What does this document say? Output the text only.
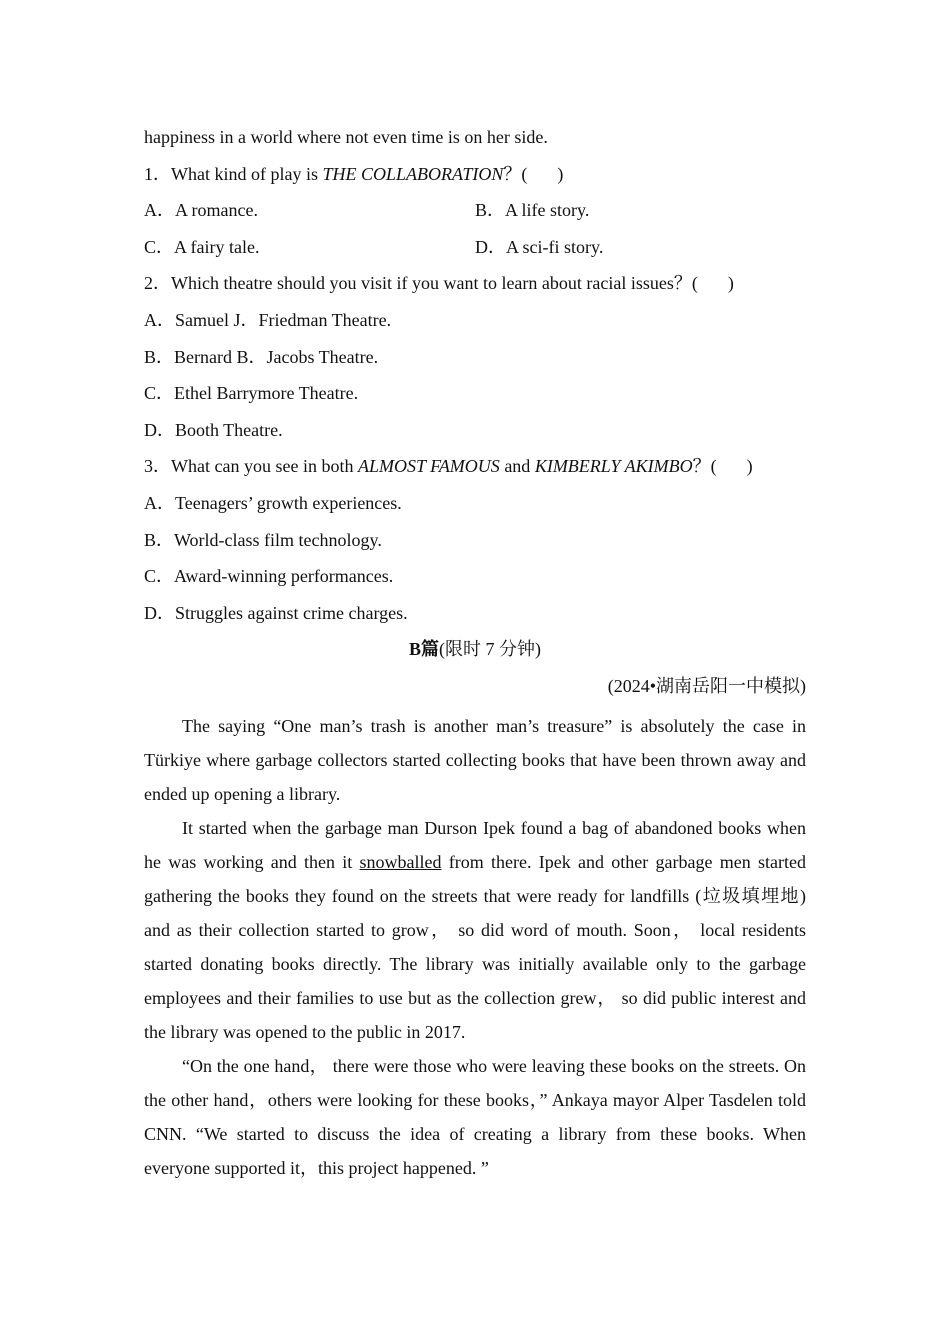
happiness in a world where not even time is on her side.
1．What kind of play is THE COLLABORATION？( )
A．A romance.	B．A life story.
C．A fairy tale.	D．A sci-fi story.
2．Which theatre should you visit if you want to learn about racial issues？( )
A．Samuel J．Friedman Theatre.
B．Bernard B．Jacobs Theatre.
C．Ethel Barrymore Theatre.
D．Booth Theatre.
3．What can you see in both ALMOST FAMOUS and KIMBERLY AKIMBO？( )
A．Teenagers’ growth experiences.
B．World-class film technology.
C．Award-winning performances.
D．Struggles against crime charges.
B篇(限时 7 分钟)
(2024•湖南岳阳一中模拟)

The saying “One man’s trash is another man’s treasure” is absolutely the case in Türkiye where garbage collectors started collecting books that have been thrown away and ended up opening a library.

It started when the garbage man Durson Ipek found a bag of abandoned books when he was working and then it snowballed from there. Ipek and other garbage men started gathering the books they found on the streets that were ready for landfills (垃圾填埋地) and as their collection started to grow， so did word of mouth. Soon， local residents started donating books directly. The library was initially available only to the garbage employees and their families to use but as the collection grew， so did public interest and the library was opened to the public in 2017.

“On the one hand， there were those who were leaving these books on the streets. On the other hand，others were looking for these books，” Ankaya mayor Alper Tasdelen told CNN. “We started to discuss the idea of creating a library from these books. When everyone supported it，this project happened. ”
